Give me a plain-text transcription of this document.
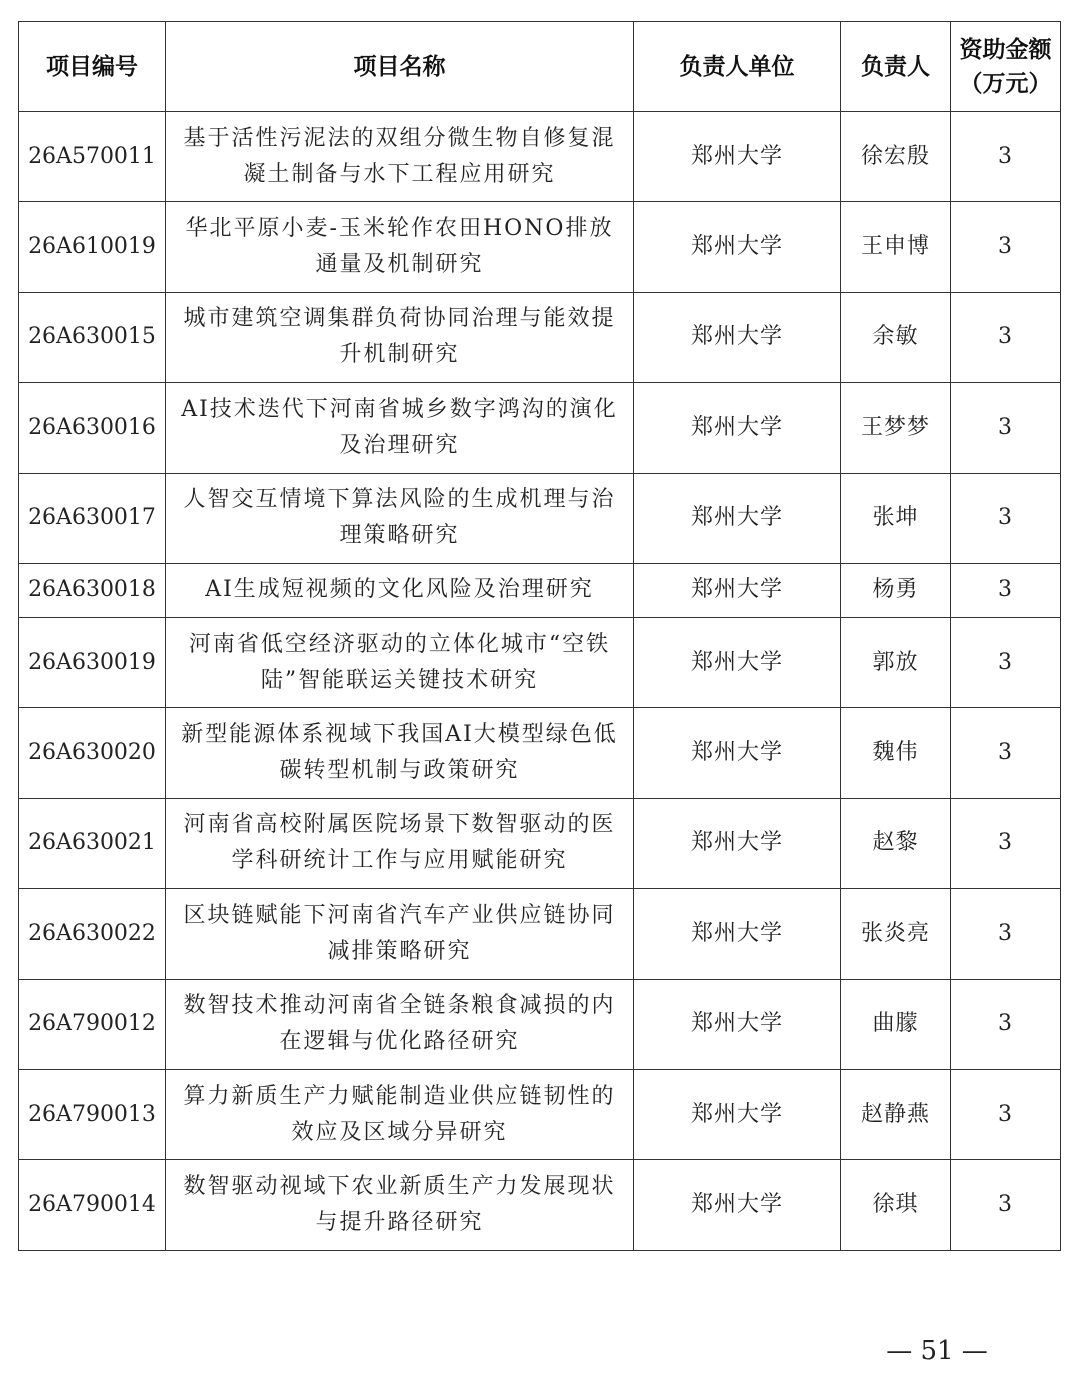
项目编号	项目名称	负责人单位	负责人	资助金额（万元）
26A570011	基于活性污泥法的双组分微生物自修复混凝土制备与水下工程应用研究	郑州大学	徐宏殷	3
26A610019	华北平原小麦-玉米轮作农田HONO排放通量及机制研究	郑州大学	王申博	3
26A630015	城市建筑空调集群负荷协同治理与能效提升机制研究	郑州大学	余敏	3
26A630016	AI技术迭代下河南省城乡数字鸿沟的演化及治理研究	郑州大学	王梦梦	3
26A630017	人智交互情境下算法风险的生成机理与治理策略研究	郑州大学	张坤	3
26A630018	AI生成短视频的文化风险及治理研究	郑州大学	杨勇	3
26A630019	河南省低空经济驱动的立体化城市“空铁陆”智能联运关键技术研究	郑州大学	郭放	3
26A630020	新型能源体系视域下我国AI大模型绿色低碳转型机制与政策研究	郑州大学	魏伟	3
26A630021	河南省高校附属医院场景下数智驱动的医学科研统计工作与应用赋能研究	郑州大学	赵黎	3
26A630022	区块链赋能下河南省汽车产业供应链协同减排策略研究	郑州大学	张炎亮	3
26A790012	数智技术推动河南省全链条粮食减损的内在逻辑与优化路径研究	郑州大学	曲朦	3
26A790013	算力新质生产力赋能制造业供应链韧性的效应及区域分异研究	郑州大学	赵静燕	3
26A790014	数智驱动视域下农业新质生产力发展现状与提升路径研究	郑州大学	徐琪	3
— 51 —
